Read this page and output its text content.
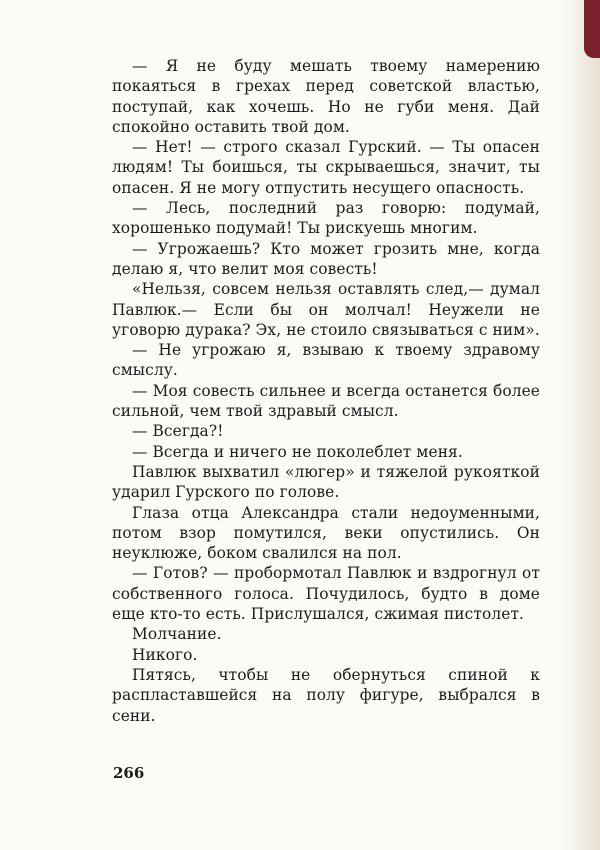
— Я не буду мешать твоему намерению покаяться в грехах перед советской властью, поступай, как хочешь. Но не губи меня. Дай спокойно оставить твой дом.

— Нет! — строго сказал Гурский. — Ты опасен людям! Ты боишься, ты скрываешься, значит, ты опасен. Я не могу отпустить несущего опасность.

— Лесь, последний раз говорю: подумай, хорошенько подумай! Ты рискуешь многим.

— Угрожаешь? Кто может грозить мне, когда делаю я, что велит моя совесть!

«Нельзя, совсем нельзя оставлять след,— думал Павлюк.— Если бы он молчал! Неужели не уговорю дурака? Эх, не стоило связываться с ним».

— Не угрожаю я, взываю к твоему здравому смыслу.

— Моя совесть сильнее и всегда останется более сильной, чем твой здравый смысл.

— Всегда?!

— Всегда и ничего не поколеблет меня.

Павлюк выхватил «люгер» и тяжелой рукояткой ударил Гурского по голове.

Глаза отца Александра стали недоуменными, потом взор помутился, веки опустились. Он неуклюже, боком свалился на пол.

— Готов? — пробормотал Павлюк и вздрогнул от собственного голоса. Почудилось, будто в доме еще кто-то есть. Прислушался, сжимая пистолет.

Молчание.

Никого.

Пятясь, чтобы не обернуться спиной к распластавшейся на полу фигуре, выбрался в сени.

266
